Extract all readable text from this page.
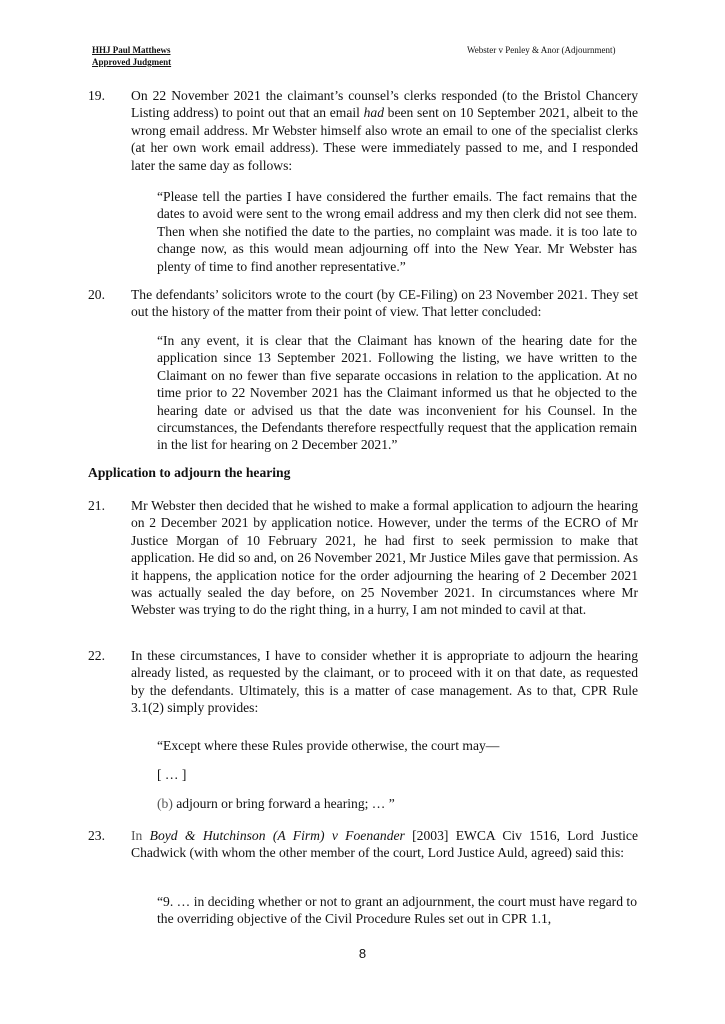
HHJ Paul Matthews
Approved Judgment
Webster v Penley & Anor (Adjournment)
19. On 22 November 2021 the claimant’s counsel’s clerks responded (to the Bristol Chancery Listing address) to point out that an email had been sent on 10 September 2021, albeit to the wrong email address. Mr Webster himself also wrote an email to one of the specialist clerks (at her own work email address). These were immediately passed to me, and I responded later the same day as follows:
“Please tell the parties I have considered the further emails. The fact remains that the dates to avoid were sent to the wrong email address and my then clerk did not see them. Then when she notified the date to the parties, no complaint was made. it is too late to change now, as this would mean adjourning off into the New Year. Mr Webster has plenty of time to find another representative.”
20. The defendants’ solicitors wrote to the court (by CE-Filing) on 23 November 2021. They set out the history of the matter from their point of view. That letter concluded:
“In any event, it is clear that the Claimant has known of the hearing date for the application since 13 September 2021. Following the listing, we have written to the Claimant on no fewer than five separate occasions in relation to the application. At no time prior to 22 November 2021 has the Claimant informed us that he objected to the hearing date or advised us that the date was inconvenient for his Counsel. In the circumstances, the Defendants therefore respectfully request that the application remain in the list for hearing on 2 December 2021.”
Application to adjourn the hearing
21. Mr Webster then decided that he wished to make a formal application to adjourn the hearing on 2 December 2021 by application notice. However, under the terms of the ECRO of Mr Justice Morgan of 10 February 2021, he had first to seek permission to make that application. He did so and, on 26 November 2021, Mr Justice Miles gave that permission. As it happens, the application notice for the order adjourning the hearing of 2 December 2021 was actually sealed the day before, on 25 November 2021. In circumstances where Mr Webster was trying to do the right thing, in a hurry, I am not minded to cavil at that.
22. In these circumstances, I have to consider whether it is appropriate to adjourn the hearing already listed, as requested by the claimant, or to proceed with it on that date, as requested by the defendants. Ultimately, this is a matter of case management. As to that, CPR Rule 3.1(2) simply provides:
“Except where these Rules provide otherwise, the court may—
[ … ]
(b) adjourn or bring forward a hearing; … ”
23. In Boyd & Hutchinson (A Firm) v Foenander [2003] EWCA Civ 1516, Lord Justice Chadwick (with whom the other member of the court, Lord Justice Auld, agreed) said this:
“9. … in deciding whether or not to grant an adjournment, the court must have regard to the overriding objective of the Civil Procedure Rules set out in CPR 1.1,
8
